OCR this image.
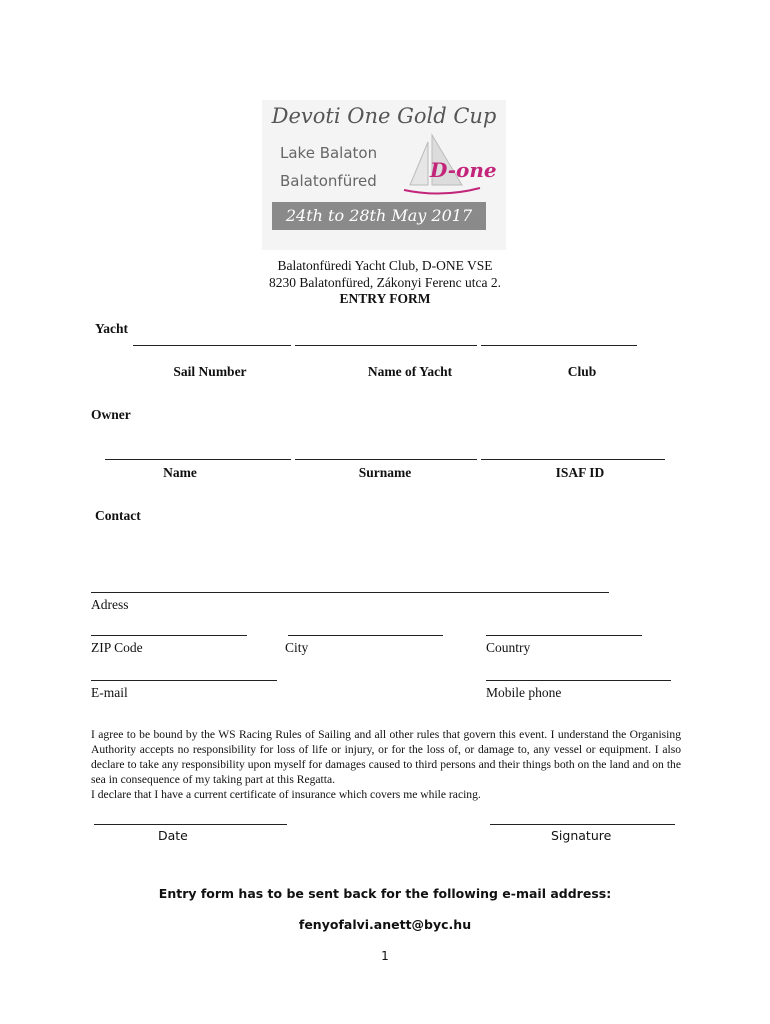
Devoti One Gold Cup
Lake Balaton
Balatonfüred	D-one
24th to 28th May 2017
Balatonfüredi Yacht Club, D-ONE VSE
8230 Balatonfüred, Zákonyi Ferenc utca 2.
ENTRY FORM
Yacht
Sail Number	Name of Yacht	Club
Owner
Name	Surname	ISAF ID
Contact
Adress
ZIP Code	City	Country
E-mail	Mobile phone

I agree to be bound by the WS Racing Rules of Sailing and all other rules that govern this event. I understand the Organising Authority accepts no responsibility for loss of life or injury, or for the loss of, or damage to, any vessel or equipment. I also declare to take any responsibility upon myself for damages caused to third persons and their things both on the land and on the sea in consequence of my taking part at this Regatta.

I declare that I have a current certificate of insurance which covers me while racing.

Date	Signature
Entry form has to be sent back for the following e-mail address:
fenyofalvi.anett@byc.hu
1
